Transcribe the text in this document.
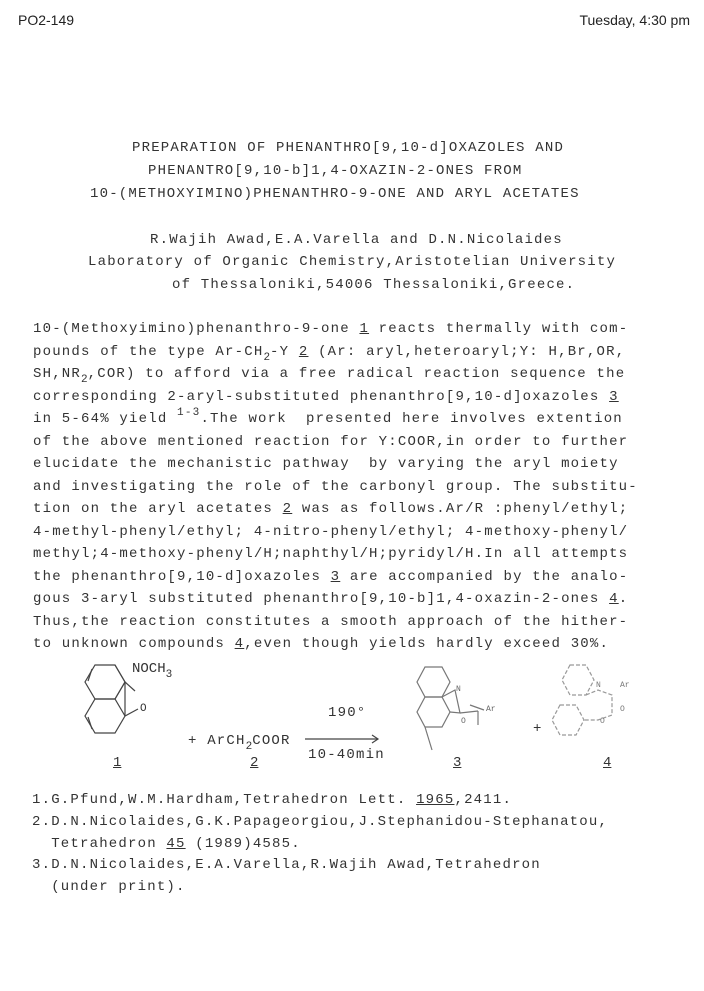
PO2-149	Tuesday, 4:30 pm
PREPARATION OF PHENANTHRO[9,10-d]OXAZOLES AND
PHENANTRO[9,10-b]1,4-OXAZIN-2-ONES FROM
10-(METHOXYIMINO)PHENANTHRO-9-ONE AND ARYL ACETATES
R.Wajih Awad,E.A.Varella and D.N.Nicolaides
Laboratory of Organic Chemistry,Aristotelian University
of Thessaloniki,54006 Thessaloniki,Greece.
10-(Methoxyimino)phenanthro-9-one 1 reacts thermally with com-
pounds of the type $Ar-CH_2-Y$ 2 (Ar: aryl,heteroaryl;Y: H,Br,OR,
$SH,NR_2,COR$) to afford via a free radical reaction sequence the
corresponding 2-aryl-substituted phenanthro[9,10-d]oxazoles 3
in 5-64% yield $^{1-3}$.The work  presented here involves extention
of the above mentioned reaction for Y:COOR,in order to further
elucidate the mechanistic pathway  by varying the aryl moiety
and investigating the role of the carbonyl group. The substitu-
tion on the aryl acetates 2 was as follows.Ar/R :phenyl/ethyl;
4-methyl-phenyl/ethyl; 4-nitro-phenyl/ethyl; 4-methoxy-phenyl/
methyl;4-methoxy-phenyl/H;naphthyl/H;pyridyl/H.In all attempts
the phenanthro[9,10-d]oxazoles 3 are accompanied by the analo-
gous 3-aryl substituted phenanthro[9,10-b]1,4-oxazin-2-ones 4.
Thus,the reaction constitutes a smooth approach of the hither-
to unknown compounds 4,even though yields hardly exceed 30%.
$NOCH_3$
O
+ ArCH$_2$COOR
190°
10-40min
N
O
Ar
+
N Ar
O
O
1	2	3	4
1.G.Pfund,W.M.Hardham,Tetrahedron Lett. 1965,2411.
2.D.N.Nicolaides,G.K.Papageorgiou,J.Stephanidou-Stephanatou,
Tetrahedron 45 (1989)4585.
3.D.N.Nicolaides,E.A.Varella,R.Wajih Awad,Tetrahedron
(under print).
